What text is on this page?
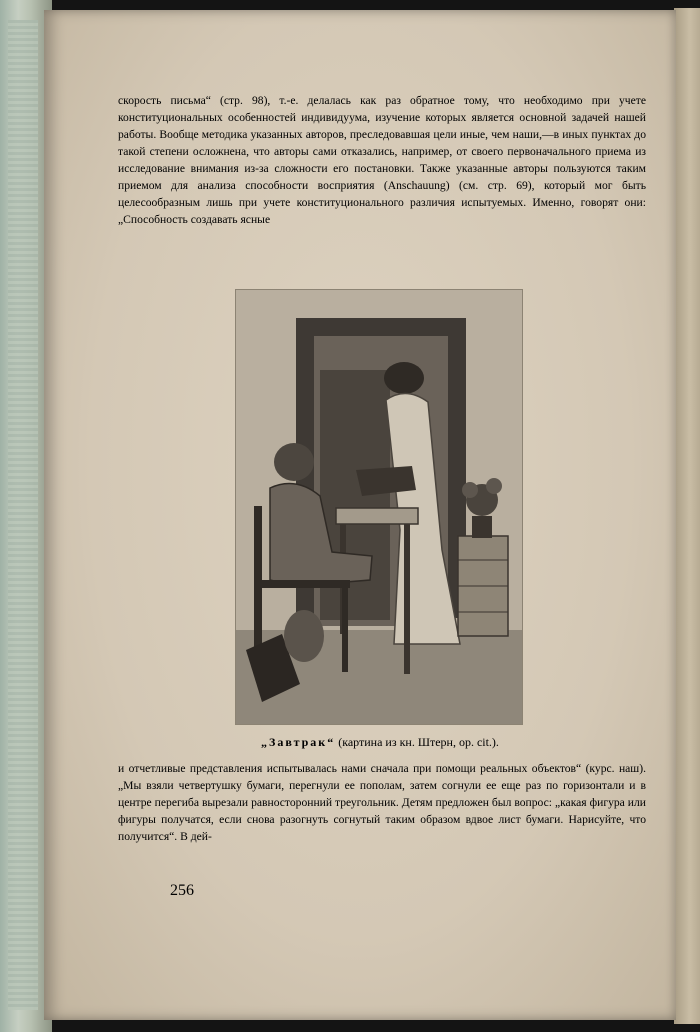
скорость письма“ (стр. 98), т.-е. делалась как раз обратное тому, что необходимо при учете конституциональных особенностей индивидуума, изучение которых является основной задачей нашей работы. Вообще методика указанных авторов, преследовавшая цели иные, чем наши,—в иных пунктах до такой степени осложнена, что авторы сами отказались, например, от своего первоначального приема из исследование внимания из-за сложности его постановки. Также указанные авторы пользуются таким приемом для анализа способности восприятия (Anschauung) (см. стр. 69), который мог быть целесообразным лишь при учете конституционального различия испытуемых. Именно, говорят они: „Способность создавать ясные

„Завтрак“ (картина из кн. Штерн, ор. cit.).

и отчетливые представления испытывалась нами сначала при помощи реальных объектов“ (курс. наш). „Мы взяли четвертушку бумаги, перегнули ее пополам, затем согнули ее еще раз по горизонтали и в центре перегиба вырезали равносторонний треугольник. Детям предложен был вопрос: „какая фигура или фигуры получатся, если снова разогнуть согнутый таким образом вдвое лист бумаги. Нарисуйте, что получится“. В дей-

256
